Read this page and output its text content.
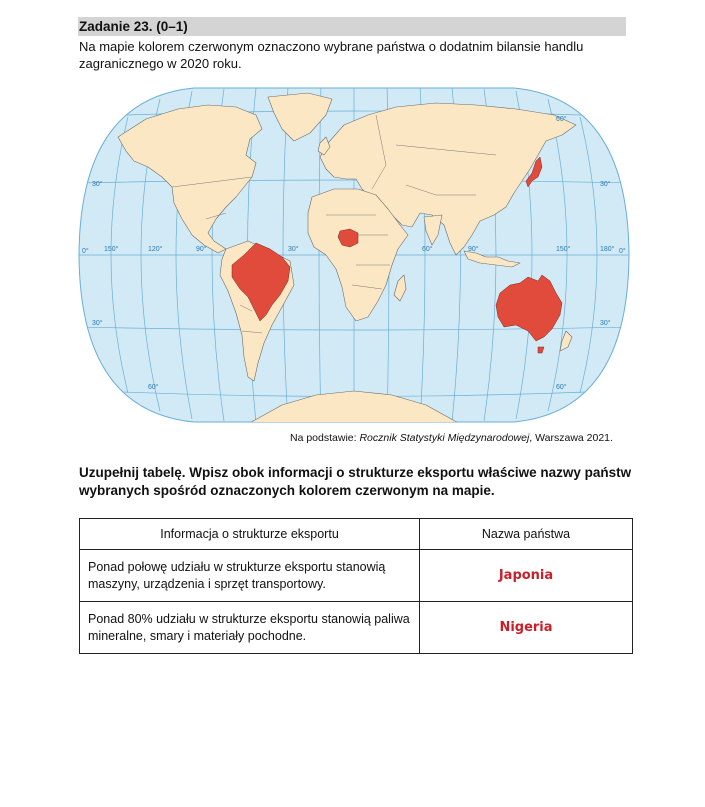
Zadanie 23. (0–1)
Na mapie kolorem czerwonym oznaczono wybrane państwa o dodatnim bilansie handlu zagranicznego w 2020 roku.
60°
30°	30°
0°	0°
30°	30°
60°	60°
150°	120°	90°	30°	60°	90°	150°	180°
Na podstawie: Rocznik Statystyki Międzynarodowej, Warszawa 2021.
Uzupełnij tabelę. Wpisz obok informacji o strukturze eksportu właściwe nazwy państw wybranych spośród oznaczonych kolorem czerwonym na mapie.
Informacja o strukturze eksportu	Nazwa państwa
Ponad połowę udziału w strukturze eksportu stanowią maszyny, urządzenia i sprzęt transportowy.	Japonia
Ponad 80% udziału w strukturze eksportu stanowią paliwa mineralne, smary i materiały pochodne.	Nigeria
